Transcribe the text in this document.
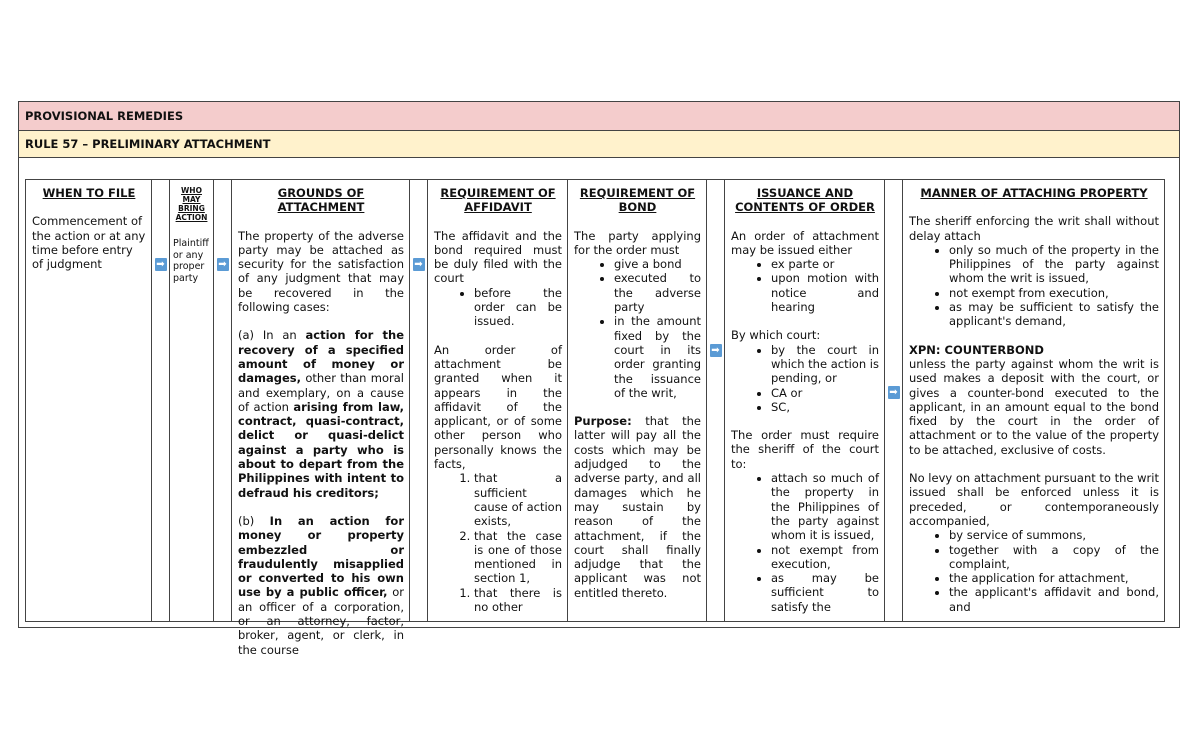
PROVISIONAL REMEDIES
RULE 57 – PRELIMINARY ATTACHMENT
WHEN TO FILE
Commencement of the action or at any time before entry of judgment	➡
WHO MAY BRING ACTION
Plaintiff or any proper party
➡
GROUNDS OF ATTACHMENT
The property of the adverse party may be attached as security for the satisfaction of any judgment that may be recovered in the following cases:
(a) In an action for the recovery of a specified amount of money or damages, other than moral and exemplary, on a cause of action arising from law, contract, quasi-contract, delict or quasi-delict against a party who is about to depart from the Philippines with intent to defraud his creditors;
(b) In an action for money or property embezzled or fraudulently misapplied or converted to his own use by a public officer, or an officer of a corporation, or an attorney, factor, broker, agent, or clerk, in the course
➡
REQUIREMENT OF AFFIDAVIT
The affidavit and the bond required must be duly filed with the court
• before the order can be issued.
An order of attachment be granted when it appears in the affidavit of the applicant, or of some other person who personally knows the facts,
1. that a sufficient cause of action exists,
2. that the case is one of those mentioned in section 1,
1. that there is no other
REQUIREMENT OF BOND
The party applying for the order must
• give a bond
• executed to the adverse party
• in the amount fixed by the court in its order granting the issuance of the writ,
Purpose: that the latter will pay all the costs which may be adjudged to the adverse party, and all damages which he may sustain by reason of the attachment, if the court shall finally adjudge that the applicant was not entitled thereto.
➡
ISSUANCE AND CONTENTS OF ORDER
An order of attachment may be issued either
• ex parte or
• upon motion with notice and hearing
By which court:
• by the court in which the action is pending, or
• CA or
• SC,
The order must require the sheriff of the court to:
• attach so much of the property in the Philippines of the party against whom it is issued,
• not exempt from execution,
• as may be sufficient to satisfy the
➡
MANNER OF ATTACHING PROPERTY
The sheriff enforcing the writ shall without delay attach
• only so much of the property in the Philippines of the party against whom the writ is issued,
• not exempt from execution,
• as may be sufficient to satisfy the applicant's demand,
XPN: COUNTERBOND
unless the party against whom the writ is used makes a deposit with the court, or gives a counter-bond executed to the applicant, in an amount equal to the bond fixed by the court in the order of attachment or to the value of the property to be attached, exclusive of costs.
No levy on attachment pursuant to the writ issued shall be enforced unless it is preceded, or contemporaneously accompanied,
• by service of summons,
• together with a copy of the complaint,
• the application for attachment,
• the applicant's affidavit and bond, and
